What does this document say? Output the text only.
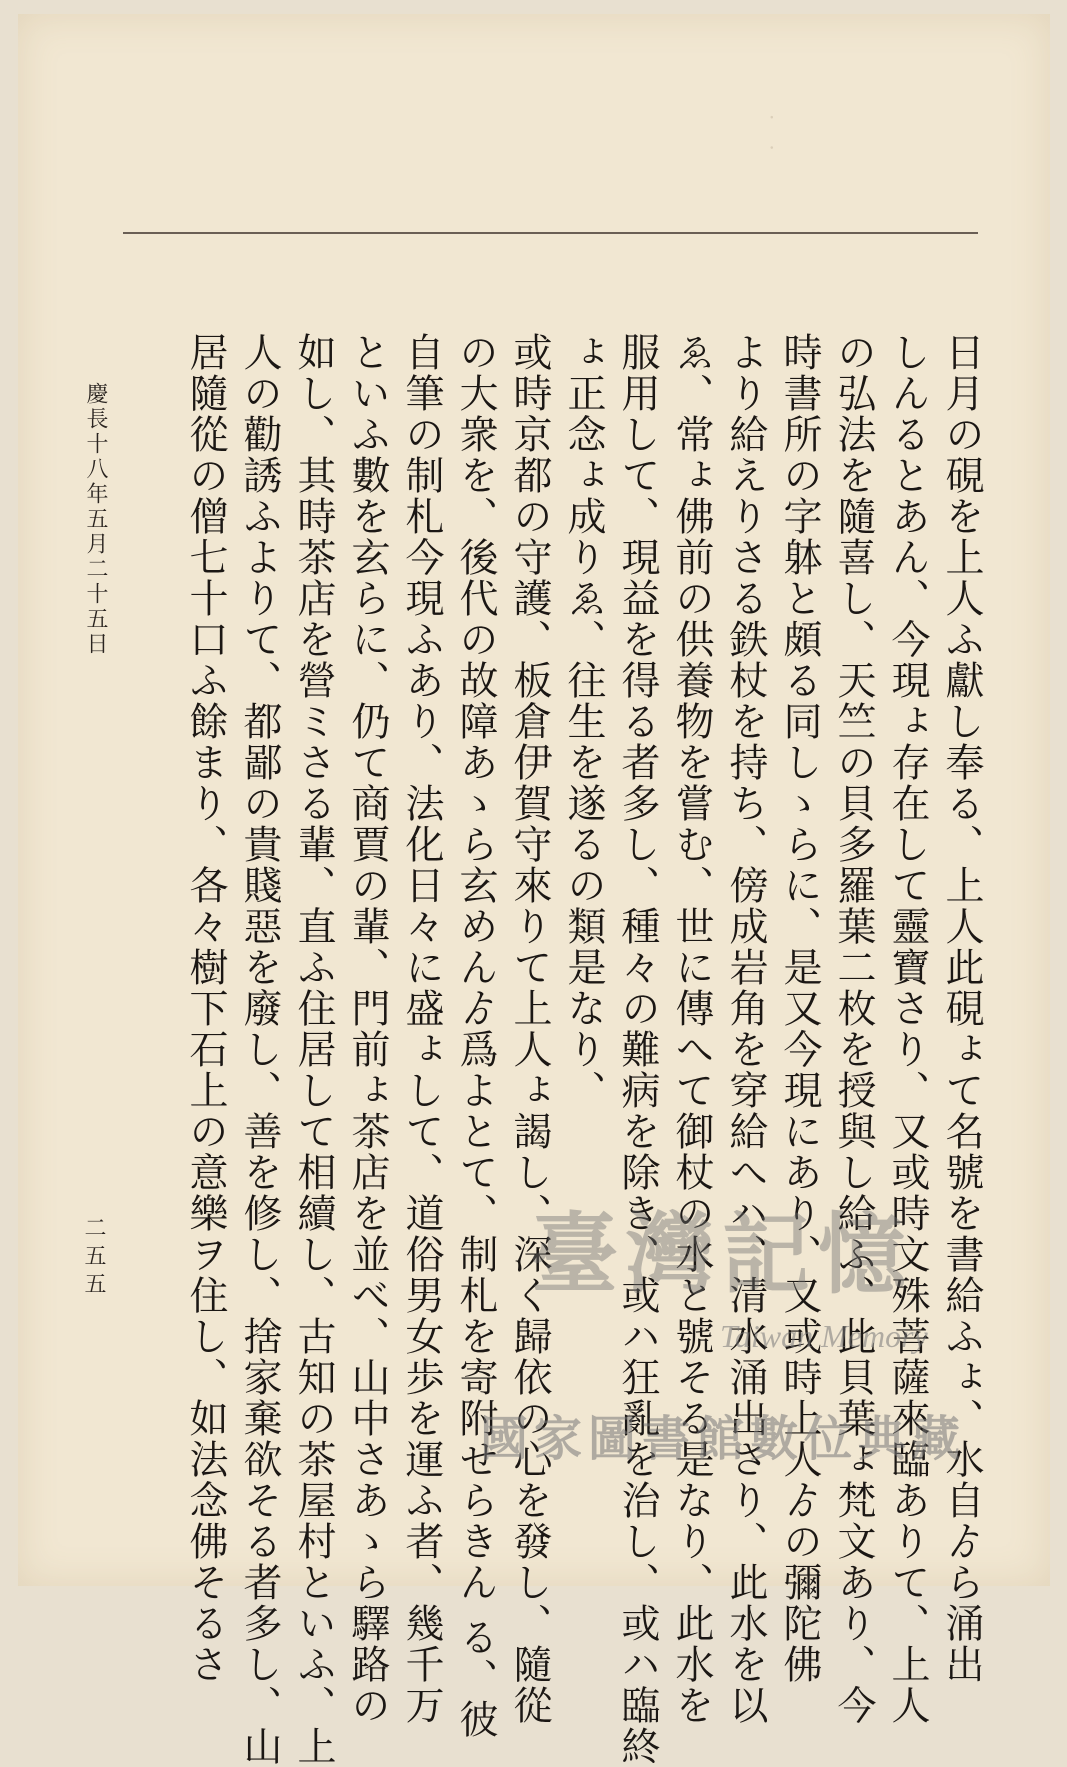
·　·
日月の硯を上人ふ獻し奉る、上人此硯ょて名號を書給ふょ、水自ゟら涌出
しんるとあん、今現ょ存在して靈寶さり、又或時文殊菩薩來臨ありて、上人
の弘法を隨喜し、天竺の貝多羅葉二枚を授與し給ふ、此貝葉ょ梵文あり、今
時書所の字躰と頗る同しゝらに、是又今現にあり、又或時上人ゟの彌陀佛
より給えりさる鉄杖を持ち、傍成岩角を穿給へハ、清水涌出さり、此水を以
ゑ、常ょ佛前の供養物を嘗む、世に傳へて御杖の水と號そる是なり、此水を
服用して、現益を得る者多し、種々の難病を除き、或ハ狂亂を治し、或ハ臨終
ょ正念ょ成りゑ、往生を遂るの類是なり、
或時京都の守護、板倉伊賀守來りて上人ょ謁し、深く歸依の心を發し、隨從
の大衆を、後代の故障あゝら玄めんゟ爲よとて、制札を寄附せらきん る、彼
自筆の制札今現ふあり、法化日々に盛ょして、道俗男女歩を運ふ者、幾千万
といふ數を玄らに、仍て商賈の輩、門前ょ茶店を並べ、山中さあゝら驛路の
如し、其時茶店を營ミさる輩、直ふ住居して相續し、古知の茶屋村といふ、上
人の勸誘ふよりて、都鄙の貴賤惡を廢し、善を修し、捨家棄欲そる者多し、山
居隨從の僧七十口ふ餘まり、各々樹下石上の意樂ヲ住し、如法念佛そるさ
慶長十八年五月二十五日
二五五	臺灣記憶
Taiwan Memory
國家圖書館數位典藏
